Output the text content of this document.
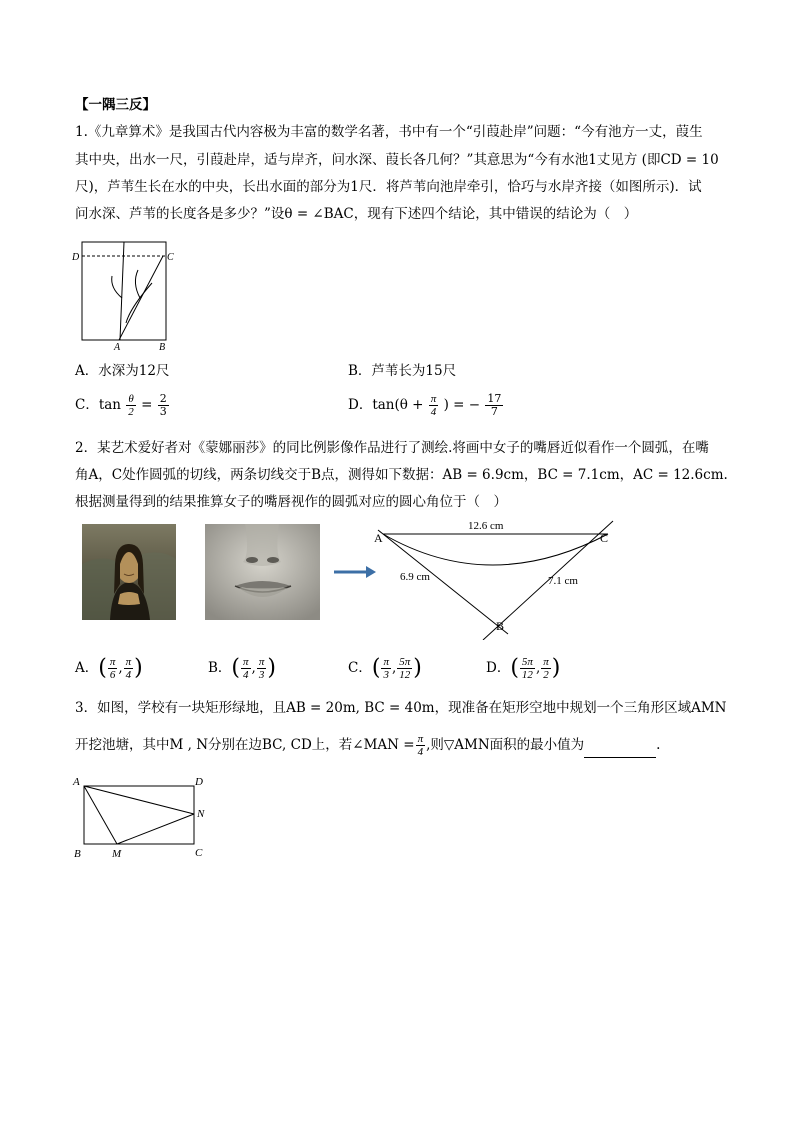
【一隅三反】
1.《九章算术》是我国古代内容极为丰富的数学名著，书中有一个“引葭赴岸”问题：“今有池方一丈，葭生
其中央，出水一尺，引葭赴岸，适与岸齐，问水深、葭长各几何？”其意思为“今有水池1丈见方 (即CD = 10
尺)，芦苇生长在水的中央，长出水面的部分为1尺．将芦苇向池岸牵引，恰巧与水岸齐接（如图所示)．试
问水深、芦苇的长度各是多少？”设θ = ∠BAC，现有下述四个结论，其中错误的结论为（　）
D	C
A	B
A．水深为12尺	B．芦苇长为15尺
C．$\tan \frac{\theta}{2} = \frac{2}{3}$	D．$\tan(\theta + \frac{\pi}{4}$ ) = − $\frac{17}{7}$
2．某艺术爱好者对《蒙娜丽莎》的同比例影像作品进行了测绘.将画中女子的嘴唇近似看作一个圆弧，在嘴
角A，C处作圆弧的切线，两条切线交于B点，测得如下数据：AB = 6.9cm，BC = 7.1cm，AC = 12.6cm.
根据测量得到的结果推算女子的嘴唇视作的圆弧对应的圆心角位于（　）
12.6 cm
6.9 cm	7.1 cm
A	C
B
A．( $\frac{\pi}{6}$ , $\frac{\pi}{4}$ )	B．( $\frac{\pi}{4}$ , $\frac{\pi}{3}$ )	C．( $\frac{\pi}{3}$ , $\frac{5\pi}{12}$ )	D．( $\frac{5\pi}{12}$ , $\frac{\pi}{2}$ )
3．如图，学校有一块矩形绿地，且AB = 20m, BC = 40m，现准备在矩形空地中规划一个三角形区域AMN
开挖池塘，其中M , N分别在边BC, CD上，若∠MAN = $\frac{\pi}{4}$ ,则▽AMN面积的最小值为	.
A	D
N
B	M	C
